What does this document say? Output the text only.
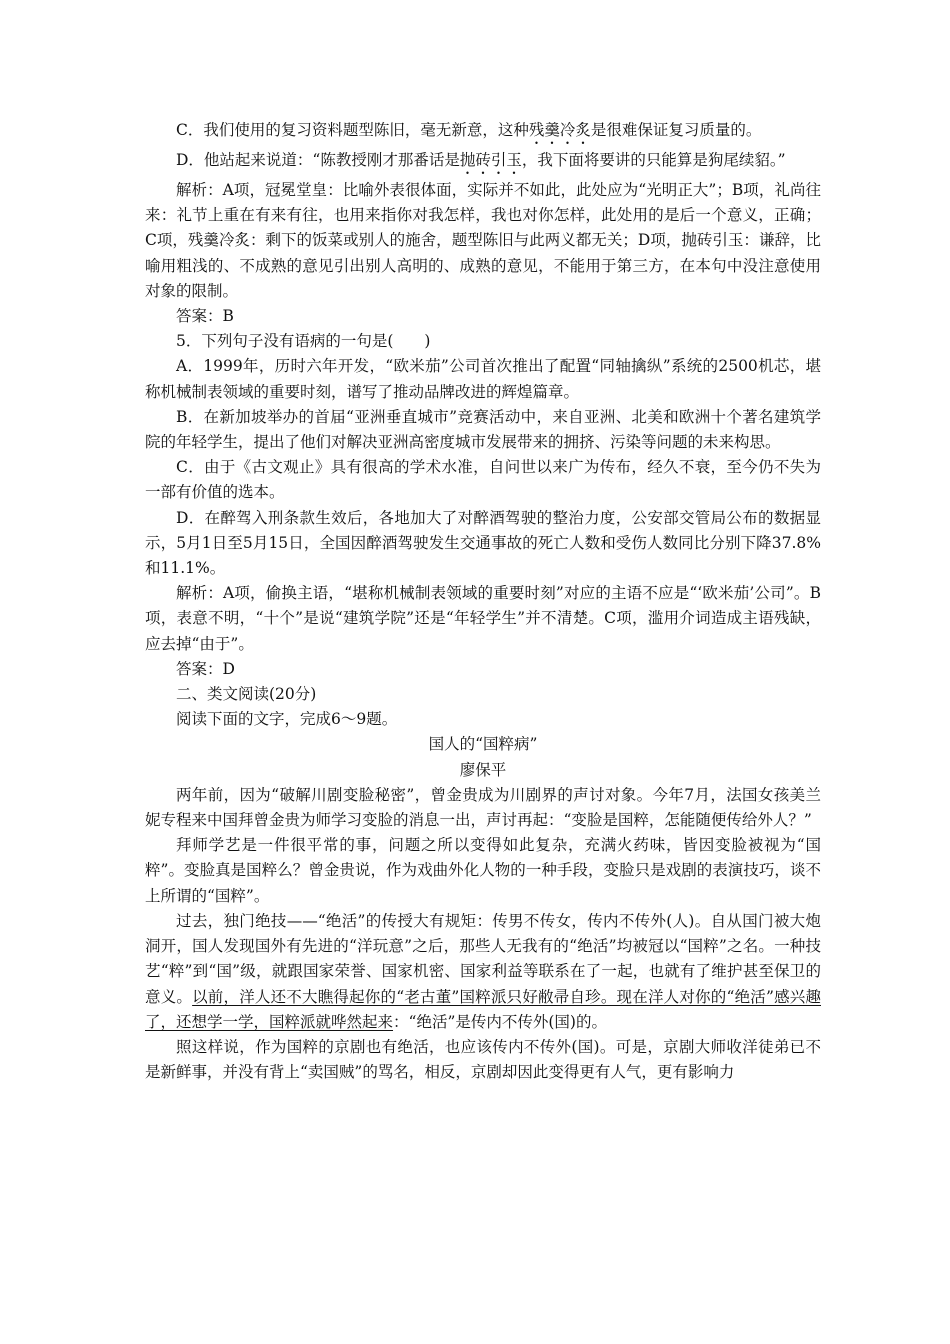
C．我们使用的复习资料题型陈旧，毫无新意，这种残羹冷炙是很难保证复习质量的。

D．他站起来说道：“陈教授刚才那番话是抛砖引玉，我下面将要讲的只能算是狗尾续貂。”

解析：A项，冠冕堂皇：比喻外表很体面，实际并不如此，此处应为“光明正大”；B项，礼尚往来：礼节上重在有来有往，也用来指你对我怎样，我也对你怎样，此处用的是后一个意义，正确；C项，残羹冷炙：剩下的饭菜或别人的施舍，题型陈旧与此两义都无关；D项，抛砖引玉：谦辞，比喻用粗浅的、不成熟的意见引出别人高明的、成熟的意见，不能用于第三方，在本句中没注意使用对象的限制。

答案：B

5．下列句子没有语病的一句是(　　)

A．1999年，历时六年开发，“欧米茄”公司首次推出了配置“同轴擒纵”系统的2500机芯，堪称机械制表领域的重要时刻，谱写了推动品牌改进的辉煌篇章。

B．在新加坡举办的首届“亚洲垂直城市”竞赛活动中，来自亚洲、北美和欧洲十个著名建筑学院的年轻学生，提出了他们对解决亚洲高密度城市发展带来的拥挤、污染等问题的未来构思。

C．由于《古文观止》具有很高的学术水准，自问世以来广为传布，经久不衰，至今仍不失为一部有价值的选本。

D．在醉驾入刑条款生效后，各地加大了对醉酒驾驶的整治力度，公安部交管局公布的数据显示，5月1日至5月15日，全国因醉酒驾驶发生交通事故的死亡人数和受伤人数同比分别下降37.8%和11.1%。

解析：A项，偷换主语，“堪称机械制表领域的重要时刻”对应的主语不应是“‘欧米茄’公司”。B项，表意不明，“十个”是说“建筑学院”还是“年轻学生”并不清楚。C项，滥用介词造成主语残缺，应去掉“由于”。

答案：D

二、类文阅读(20分)

阅读下面的文字，完成6～9题。

国人的“国粹病”

廖保平

两年前，因为“破解川剧变脸秘密”，曾金贵成为川剧界的声讨对象。今年7月，法国女孩美兰妮专程来中国拜曾金贵为师学习变脸的消息一出，声讨再起：“变脸是国粹，怎能随便传给外人？”

拜师学艺是一件很平常的事，问题之所以变得如此复杂，充满火药味，皆因变脸被视为“国粹”。变脸真是国粹么？曾金贵说，作为戏曲外化人物的一种手段，变脸只是戏剧的表演技巧，谈不上所谓的“国粹”。

过去，独门绝技——“绝活”的传授大有规矩：传男不传女，传内不传外(人)。自从国门被大炮洞开，国人发现国外有先进的“洋玩意”之后，那些人无我有的“绝活”均被冠以“国粹”之名。一种技艺“粹”到“国”级，就跟国家荣誉、国家机密、国家利益等联系在了一起，也就有了维护甚至保卫的意义。以前，洋人还不大瞧得起你的“老古董”国粹派只好敝帚自珍。现在洋人对你的“绝活”感兴趣了，还想学一学，国粹派就哗然起来：“绝活”是传内不传外(国)的。

照这样说，作为国粹的京剧也有绝活，也应该传内不传外(国)。可是，京剧大师收洋徒弟已不是新鲜事，并没有背上“卖国贼”的骂名，相反，京剧却因此变得更有人气，更有影响力
